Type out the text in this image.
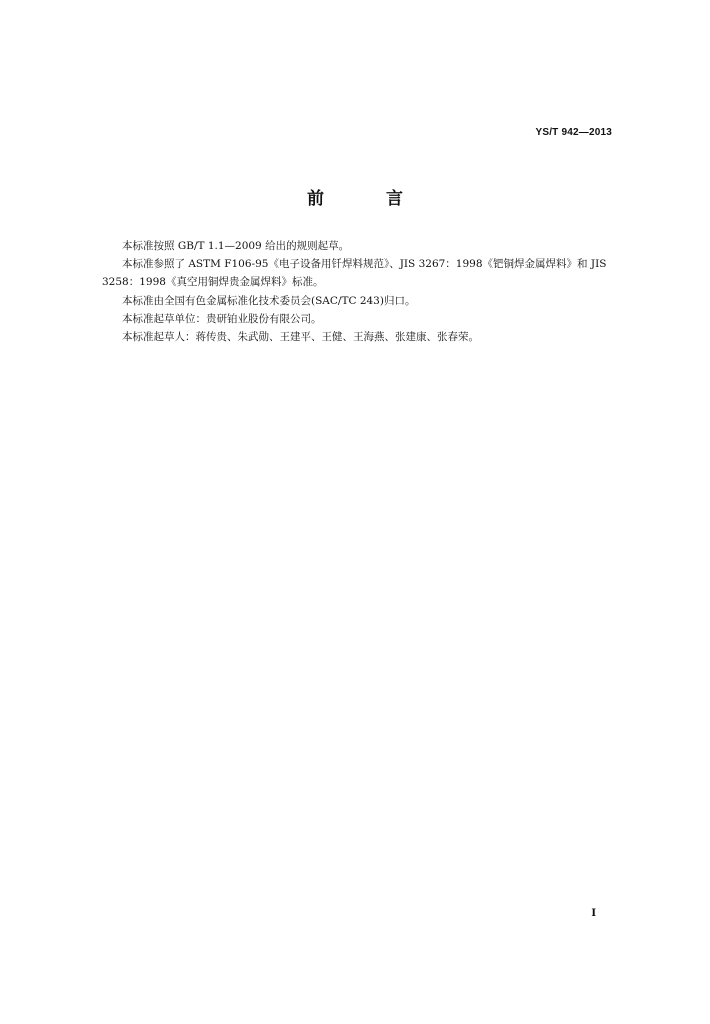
YS/T 942—2013
前 言

本标准按照 GB/T 1.1—2009 给出的规则起草。

本标准参照了 ASTM F106-95《电子设备用钎焊料规范》、JIS 3267：1998《钯铜焊金属焊料》和 JIS 3258：1998《真空用铜焊贵金属焊料》标准。

本标准由全国有色金属标准化技术委员会(SAC/TC 243)归口。

本标准起草单位：贵研铂业股份有限公司。

本标准起草人：蒋传贵、朱武勋、王建平、王健、王海燕、张建康、张春荣。

I
